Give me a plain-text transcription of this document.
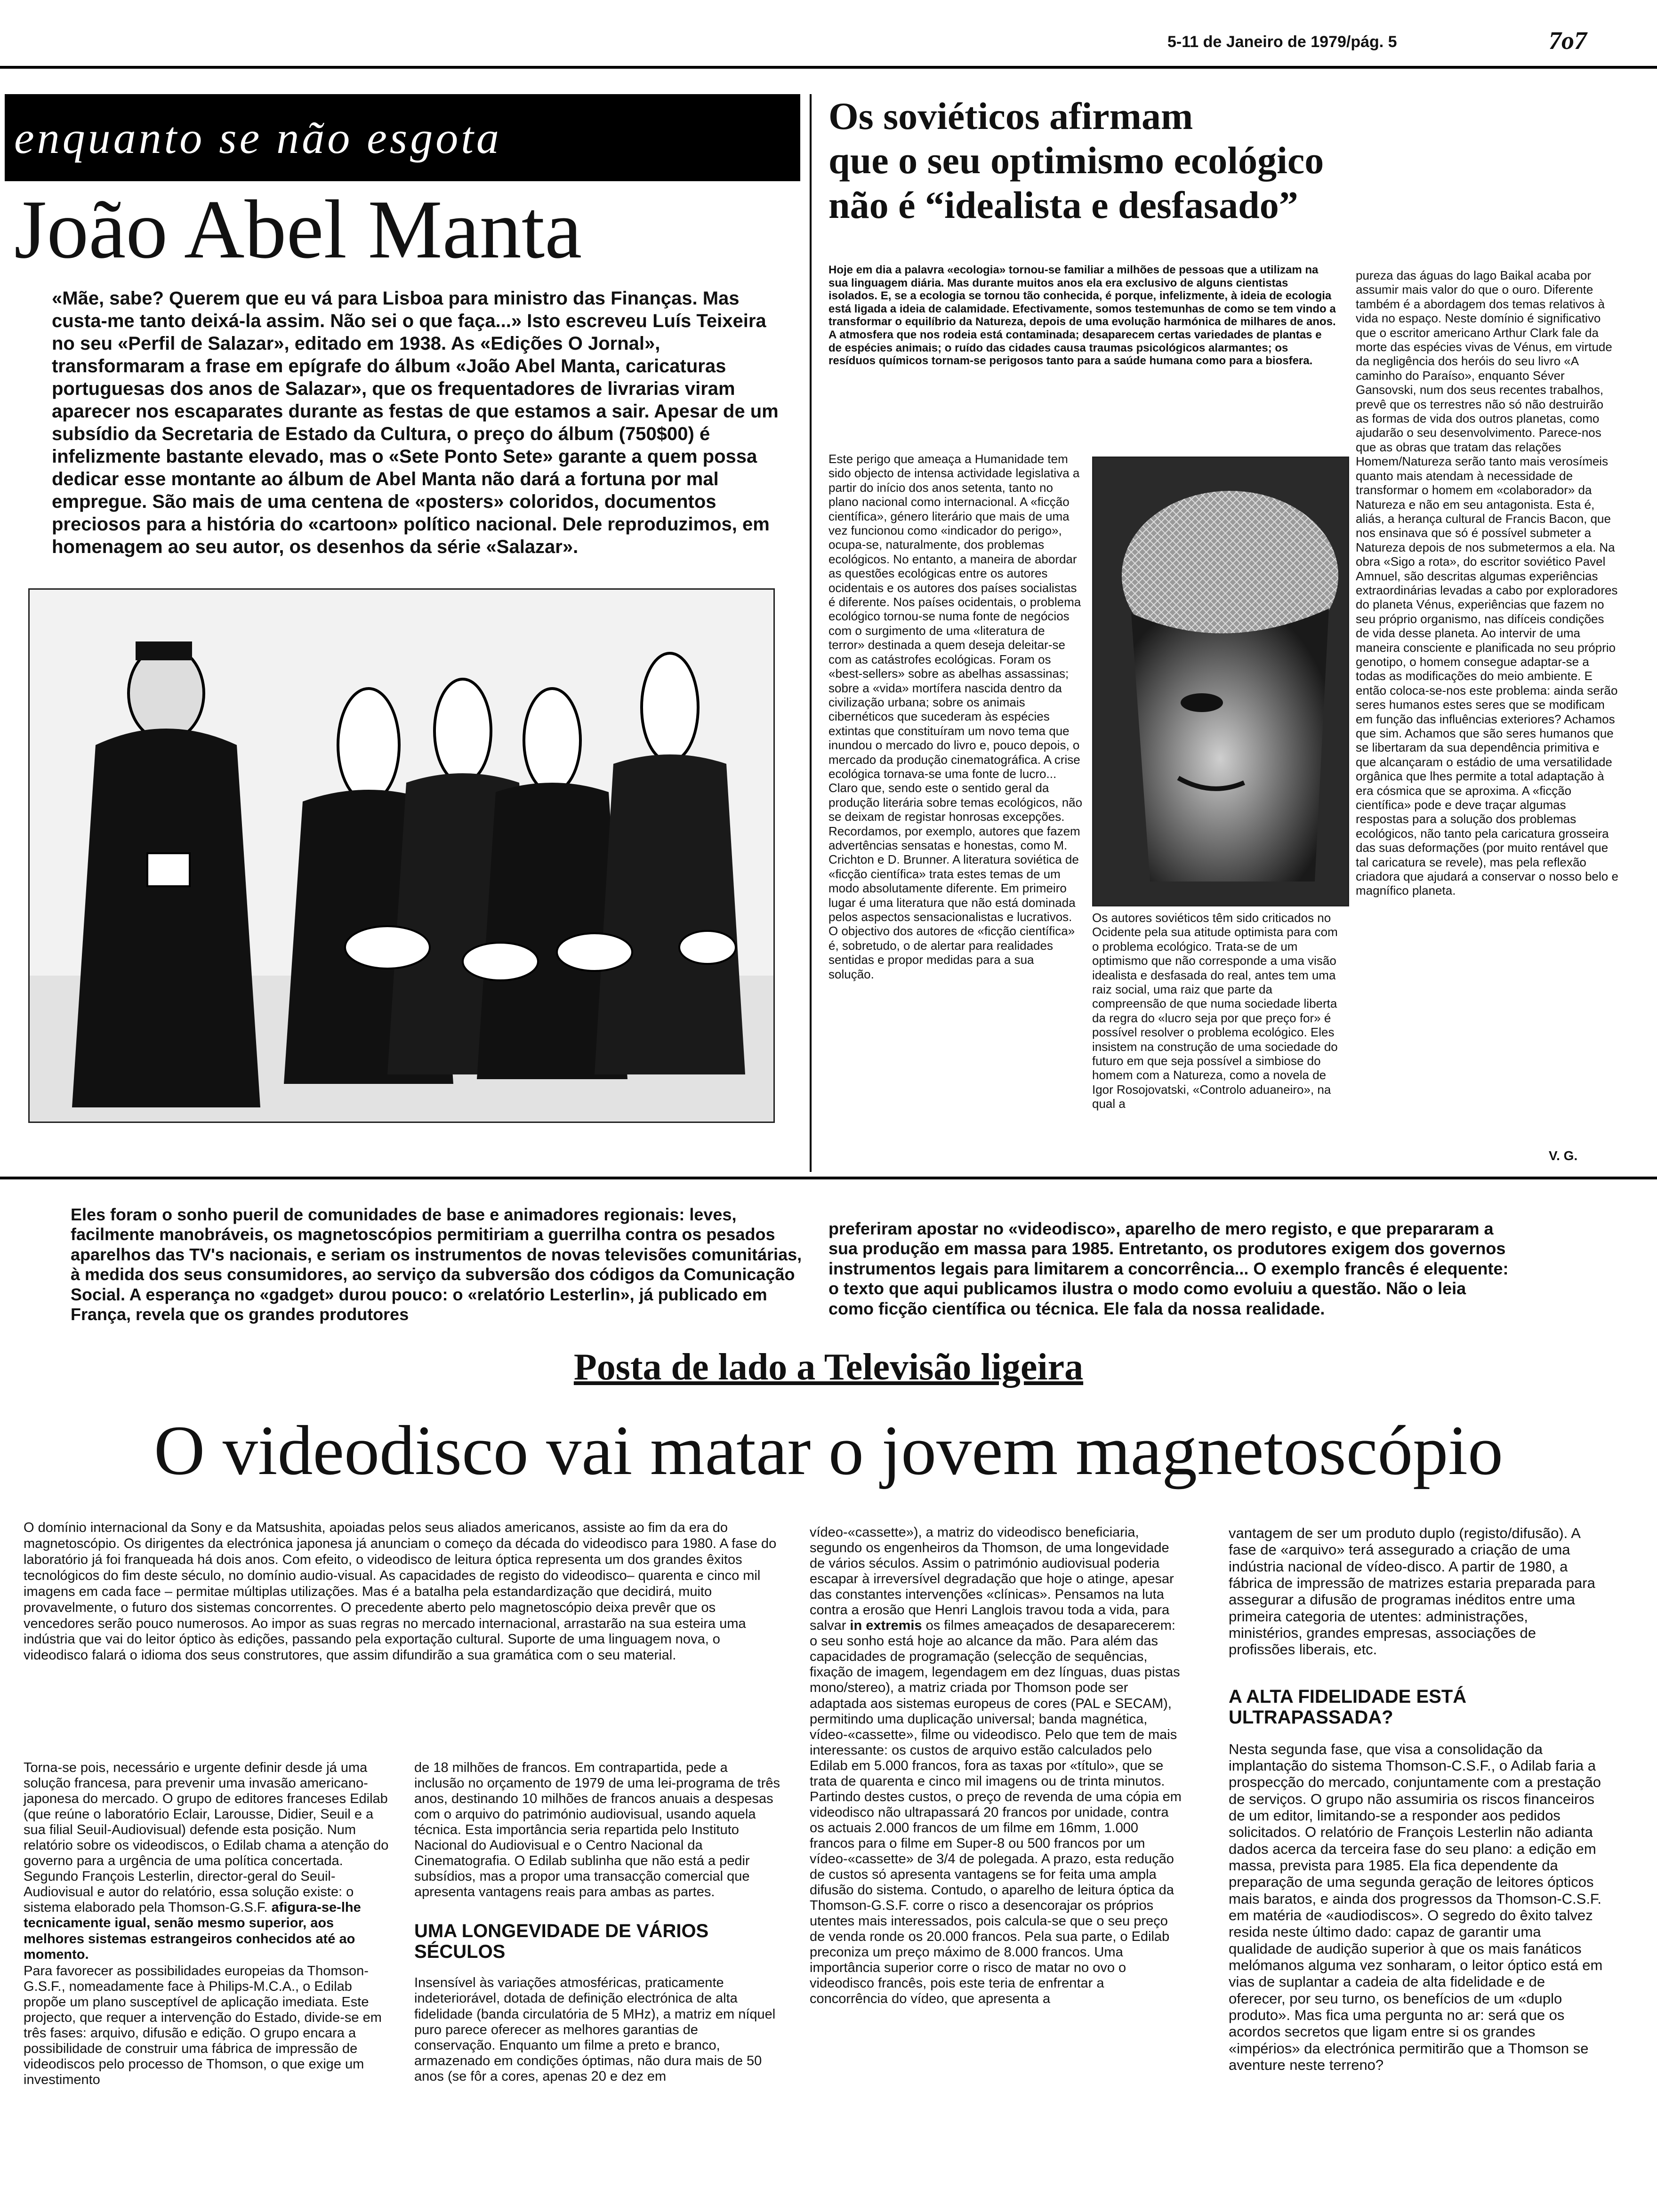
5-11 de Janeiro de 1979/pág. 5	7o7
enquanto se não esgota
João Abel Manta
«Mãe, sabe? Querem que eu vá para Lisboa para ministro das Finanças. Mas custa-me tanto deixá-la assim. Não sei o que faça...» Isto escreveu Luís Teixeira no seu «Perfil de Salazar», editado em 1938. As «Edições O Jornal», transformaram a frase em epígrafe do álbum «João Abel Manta, caricaturas portuguesas dos anos de Salazar», que os frequentadores de livrarias viram aparecer nos escaparates durante as festas de que estamos a sair. Apesar de um subsídio da Secretaria de Estado da Cultura, o preço do álbum (750$00) é infelizmente bastante elevado, mas o «Sete Ponto Sete» garante a quem possa dedicar esse montante ao álbum de Abel Manta não dará a fortuna por mal empregue. São mais de uma centena de «posters» coloridos, documentos preciosos para a história do «cartoon» político nacional. Dele reproduzimos, em homenagem ao seu autor, os desenhos da série «Salazar».
Os soviéticos afirmam
que o seu optimismo ecológico
não é “idealista e desfasado”
Hoje em dia a palavra «ecologia» tornou-se familiar a milhões de pessoas que a utilizam na sua linguagem diária. Mas durante muitos anos ela era exclusivo de alguns cientistas isolados. E, se a ecologia se tornou tão conhecida, é porque, infelizmente, à ideia de ecologia está ligada a ideia de calamidade. Efectivamente, somos testemunhas de como se tem vindo a transformar o equilíbrio da Natureza, depois de uma evolução harmónica de milhares de anos. A atmosfera que nos rodeia está contaminada; desaparecem certas variedades de plantas e de espécies animais; o ruído das cidades causa traumas psicológicos alarmantes; os resíduos químicos tornam-se perigosos tanto para a saúde humana como para a biosfera.
Este perigo que ameaça a Humanidade tem sido objecto de intensa actividade legislativa a partir do início dos anos setenta, tanto no plano nacional como internacional. A «ficção científica», género literário que mais de uma vez funcionou como «indicador do perigo», ocupa-se, naturalmente, dos problemas ecológicos. No entanto, a maneira de abordar as questões ecológicas entre os autores ocidentais e os autores dos países socialistas é diferente. Nos países ocidentais, o problema ecológico tornou-se numa fonte de negócios com o surgimento de uma «literatura de terror» destinada a quem deseja deleitar-se com as catástrofes ecológicas. Foram os «best-sellers» sobre as abelhas assassinas; sobre a «vida» mortífera nascida dentro da civilização urbana; sobre os animais cibernéticos que sucederam às espécies extintas que constituíram um novo tema que inundou o mercado do livro e, pouco depois, o mercado da produção cinematográfica. A crise ecológica tornava-se uma fonte de lucro... Claro que, sendo este o sentido geral da produção literária sobre temas ecológicos, não se deixam de registar honrosas excepções. Recordamos, por exemplo, autores que fazem advertências sensatas e honestas, como M. Crichton e D. Brunner. A literatura soviética de «ficção científica» trata estes temas de um modo absolutamente diferente. Em primeiro lugar é uma literatura que não está dominada pelos aspectos sensacionalistas e lucrativos. O objectivo dos autores de «ficção científica» é, sobretudo, o de alertar para realidades sentidas e propor medidas para a sua solução.
Os autores soviéticos têm sido criticados no Ocidente pela sua atitude optimista para com o problema ecológico. Trata-se de um optimismo que não corresponde a uma visão idealista e desfasada do real, antes tem uma raiz social, uma raiz que parte da compreensão de que numa sociedade liberta da regra do «lucro seja por que preço for» é possível resolver o problema ecológico. Eles insistem na construção de uma sociedade do futuro em que seja possível a simbiose do homem com a Natureza, como a novela de Igor Rosojovatski, «Controlo aduaneiro», na qual a
pureza das águas do lago Baikal acaba por assumir mais valor do que o ouro. Diferente também é a abordagem dos temas relativos à vida no espaço. Neste domínio é significativo que o escritor americano Arthur Clark fale da morte das espécies vivas de Vénus, em virtude da negligência dos heróis do seu livro «A caminho do Paraíso», enquanto Séver Gansovski, num dos seus recentes trabalhos, prevê que os terrestres não só não destruirão as formas de vida dos outros planetas, como ajudarão o seu desenvolvimento. Parece-nos que as obras que tratam das relações Homem/Natureza serão tanto mais verosímeis quanto mais atendam à necessidade de transformar o homem em «colaborador» da Natureza e não em seu antagonista. Esta é, aliás, a herança cultural de Francis Bacon, que nos ensinava que só é possível submeter a Natureza depois de nos submetermos a ela. Na obra «Sigo a rota», do escritor soviético Pavel Amnuel, são descritas algumas experiências extraordinárias levadas a cabo por exploradores do planeta Vénus, experiências que fazem no seu próprio organismo, nas difíceis condições de vida desse planeta. Ao intervir de uma maneira consciente e planificada no seu próprio genotipo, o homem consegue adaptar-se a todas as modificações do meio ambiente. E então coloca-se-nos este problema: ainda serão seres humanos estes seres que se modificam em função das influências exteriores? Achamos que sim. Achamos que são seres humanos que se libertaram da sua dependência primitiva e que alcançaram o estádio de uma versatilidade orgânica que lhes permite a total adaptação à era cósmica que se aproxima. A «ficção científica» pode e deve traçar algumas respostas para a solução dos problemas ecológicos, não tanto pela caricatura grosseira das suas deformações (por muito rentável que tal caricatura se revele), mas pela reflexão criadora que ajudará a conservar o nosso belo e magnífico planeta.
V. G.
Eles foram o sonho pueril de comunidades de base e animadores regionais: leves, facilmente manobráveis, os magnetoscópios permitiriam a guerrilha contra os pesados aparelhos das TV's nacionais, e seriam os instrumentos de novas televisões comunitárias, à medida dos seus consumidores, ao serviço da subversão dos códigos da Comunicação Social. A esperança no «gadget» durou pouco: o «relatório Lesterlin», já publicado em França, revela que os grandes produtores
preferiram apostar no «videodisco», aparelho de mero registo, e que prepararam a sua produção em massa para 1985. Entretanto, os produtores exigem dos governos instrumentos legais para limitarem a concorrência... O exemplo francês é elequente: o texto que aqui publicamos ilustra o modo como evoluiu a questão. Não o leia como ficção científica ou técnica. Ele fala da nossa realidade.
Posta de lado a Televisão ligeira
O videodisco vai matar o jovem magnetoscópio
O domínio internacional da Sony e da Matsushita, apoiadas pelos seus aliados americanos, assiste ao fim da era do magnetoscópio. Os dirigentes da electrónica japonesa já anunciam o começo da década do videodisco para 1980. A fase do laboratório já foi franqueada há dois anos. Com efeito, o videodisco de leitura óptica representa um dos grandes êxitos tecnológicos do fim deste século, no domínio audio-visual. As capacidades de registo do videodisco– quarenta e cinco mil imagens em cada face – permitae múltiplas utilizações. Mas é a batalha pela estandardização que decidirá, muito provavelmente, o futuro dos sistemas concorrentes. O precedente aberto pelo magnetoscópio deixa prevêr que os vencedores serão pouco numerosos. Ao impor as suas regras no mercado internacional, arrastarão na sua esteira uma indústria que vai do leitor óptico às edições, passando pela exportação cultural. Suporte de uma linguagem nova, o videodisco falará o idioma dos seus construtores, que assim difundirão a sua gramática com o seu material.

Torna-se pois, necessário e urgente definir desde já uma solução francesa, para prevenir uma invasão americano-japonesa do mercado. O grupo de editores franceses Edilab (que reúne o laboratório Eclair, Larousse, Didier, Seuil e a sua filial Seuil-Audiovisual) defende esta posição. Num relatório sobre os videodiscos, o Edilab chama a atenção do governo para a urgência de uma política concertada. Segundo François Lesterlin, director-geral do Seuil-Audiovisual e autor do relatório, essa solução existe: o sistema elaborado pela Thomson-G.S.F. afigura-se-lhe tecnicamente igual, senão mesmo superior, aos melhores sistemas estrangeiros conhecidos até ao momento.

Para favorecer as possibilidades europeias da Thomson-G.S.F., nomeadamente face à Philips-M.C.A., o Edilab propõe um plano susceptível de aplicação imediata. Este projecto, que requer a intervenção do Estado, divide-se em três fases: arquivo, difusão e edição. O grupo encara a possibilidade de construir uma fábrica de impressão de videodiscos pelo processo de Thomson, o que exige um investimento

de 18 milhões de francos. Em contrapartida, pede a inclusão no orçamento de 1979 de uma lei-programa de três anos, destinando 10 milhões de francos anuais a despesas com o arquivo do património audiovisual, usando aquela técnica. Esta importância seria repartida pelo Instituto Nacional do Audiovisual e o Centro Nacional da Cinematografia. O Edilab sublinha que não está a pedir subsídios, mas a propor uma transacção comercial que apresenta vantagens reais para ambas as partes.

UMA LONGEVIDADE DE VÁRIOS SÉCULOS

Insensível às variações atmosféricas, praticamente indeteriorável, dotada de definição electrónica de alta fidelidade (banda circulatória de 5 MHz), a matriz em níquel puro parece oferecer as melhores garantias de conservação. Enquanto um filme a preto e branco, armazenado em condições óptimas, não dura mais de 50 anos (se fôr a cores, apenas 20 e dez em

vídeo-«cassette»), a matriz do videodisco beneficiaria, segundo os engenheiros da Thomson, de uma longevidade de vários séculos. Assim o património audiovisual poderia escapar à irreversível degradação que hoje o atinge, apesar das constantes intervenções «clínicas». Pensamos na luta contra a erosão que Henri Langlois travou toda a vida, para salvar in extremis os filmes ameaçados de desaparecerem: o seu sonho está hoje ao alcance da mão. Para além das capacidades de programação (selecção de sequências, fixação de imagem, legendagem em dez línguas, duas pistas mono/stereo), a matriz criada por Thomson pode ser adaptada aos sistemas europeus de cores (PAL e SECAM), permitindo uma duplicação universal; banda magnética, vídeo-«cassette», filme ou videodisco. Pelo que tem de mais interessante: os custos de arquivo estão calculados pelo Edilab em 5.000 francos, fora as taxas por «título», que se trata de quarenta e cinco mil imagens ou de trinta minutos. Partindo destes custos, o preço de revenda de uma cópia em videodisco não ultrapassará 20 francos por unidade, contra os actuais 2.000 francos de um filme em 16mm, 1.000 francos para o filme em Super-8 ou 500 francos por um vídeo-«cassette» de 3/4 de polegada. A prazo, esta redução de custos só apresenta vantagens se for feita uma ampla difusão do sistema. Contudo, o aparelho de leitura óptica da Thomson-G.S.F. corre o risco a desencorajar os próprios utentes mais interessados, pois calcula-se que o seu preço de venda ronde os 20.000 francos. Pela sua parte, o Edilab preconiza um preço máximo de 8.000 francos. Uma importância superior corre o risco de matar no ovo o videodisco francês, pois este teria de enfrentar a concorrência do vídeo, que apresenta a

vantagem de ser um produto duplo (registo/difusão). A fase de «arquivo» terá assegurado a criação de uma indústria nacional de vídeo-disco. A partir de 1980, a fábrica de impressão de matrizes estaria preparada para assegurar a difusão de programas inéditos entre uma primeira categoria de utentes: administrações, ministérios, grandes empresas, associações de profissões liberais, etc.

A ALTA FIDELIDADE ESTÁ ULTRAPASSADA?

Nesta segunda fase, que visa a consolidação da implantação do sistema Thomson-C.S.F., o Adilab faria a prospecção do mercado, conjuntamente com a prestação de serviços. O grupo não assumiria os riscos financeiros de um editor, limitando-se a responder aos pedidos solicitados. O relatório de François Lesterlin não adianta dados acerca da terceira fase do seu plano: a edição em massa, prevista para 1985. Ela fica dependente da preparação de uma segunda geração de leitores ópticos mais baratos, e ainda dos progressos da Thomson-C.S.F. em matéria de «audiodiscos». O segredo do êxito talvez resida neste último dado: capaz de garantir uma qualidade de audição superior à que os mais fanáticos melómanos alguma vez sonharam, o leitor óptico está em vias de suplantar a cadeia de alta fidelidade e de oferecer, por seu turno, os benefícios de um «duplo produto». Mas fica uma pergunta no ar: será que os acordos secretos que ligam entre si os grandes «impérios» da electrónica permitirão que a Thomson se aventure neste terreno?
